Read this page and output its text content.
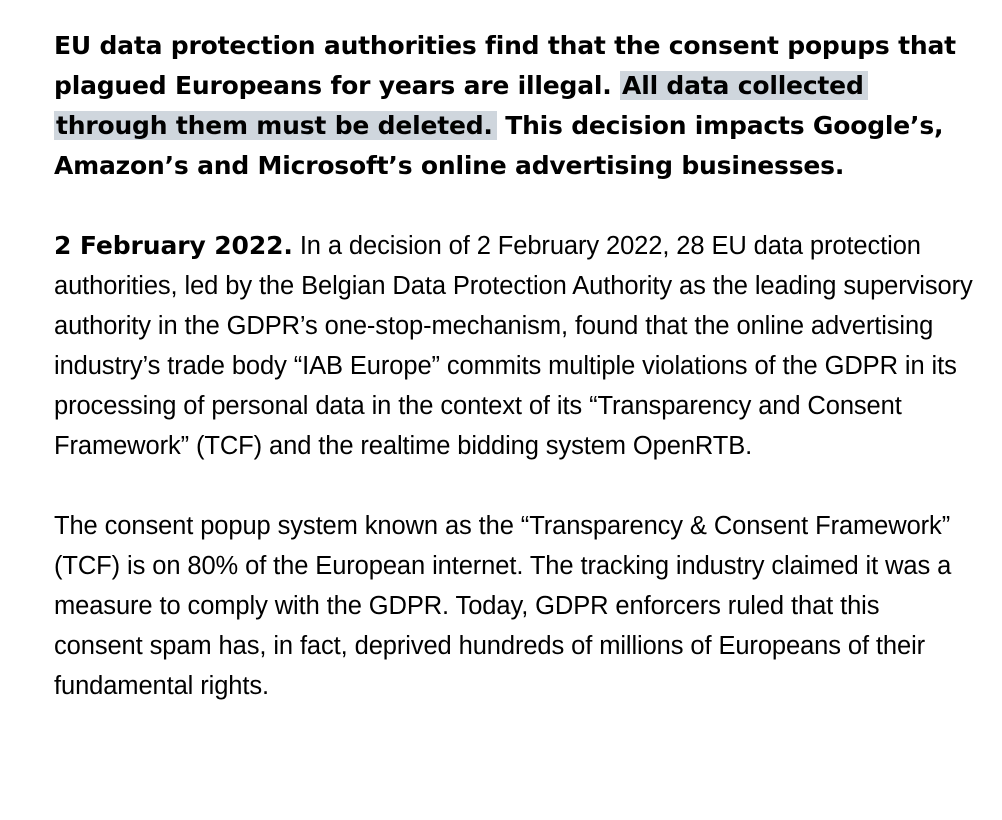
EU data protection authorities find that the consent popups that plagued Europeans for years are illegal. All data collected through them must be deleted. This decision impacts Google’s, Amazon’s and Microsoft’s online advertising businesses.

2 February 2022. In a decision of 2 February 2022, 28 EU data protection authorities, led by the Belgian Data Protection Authority as the leading supervisory authority in the GDPR’s one-stop-mechanism, found that the online advertising industry’s trade body “IAB Europe” commits multiple violations of the GDPR in its processing of personal data in the context of its “Transparency and Consent Framework” (TCF) and the realtime bidding system OpenRTB.

The consent popup system known as the “Transparency & Consent Framework” (TCF) is on 80% of the European internet. The tracking industry claimed it was a measure to comply with the GDPR. Today, GDPR enforcers ruled that this consent spam has, in fact, deprived hundreds of millions of Europeans of their fundamental rights.
